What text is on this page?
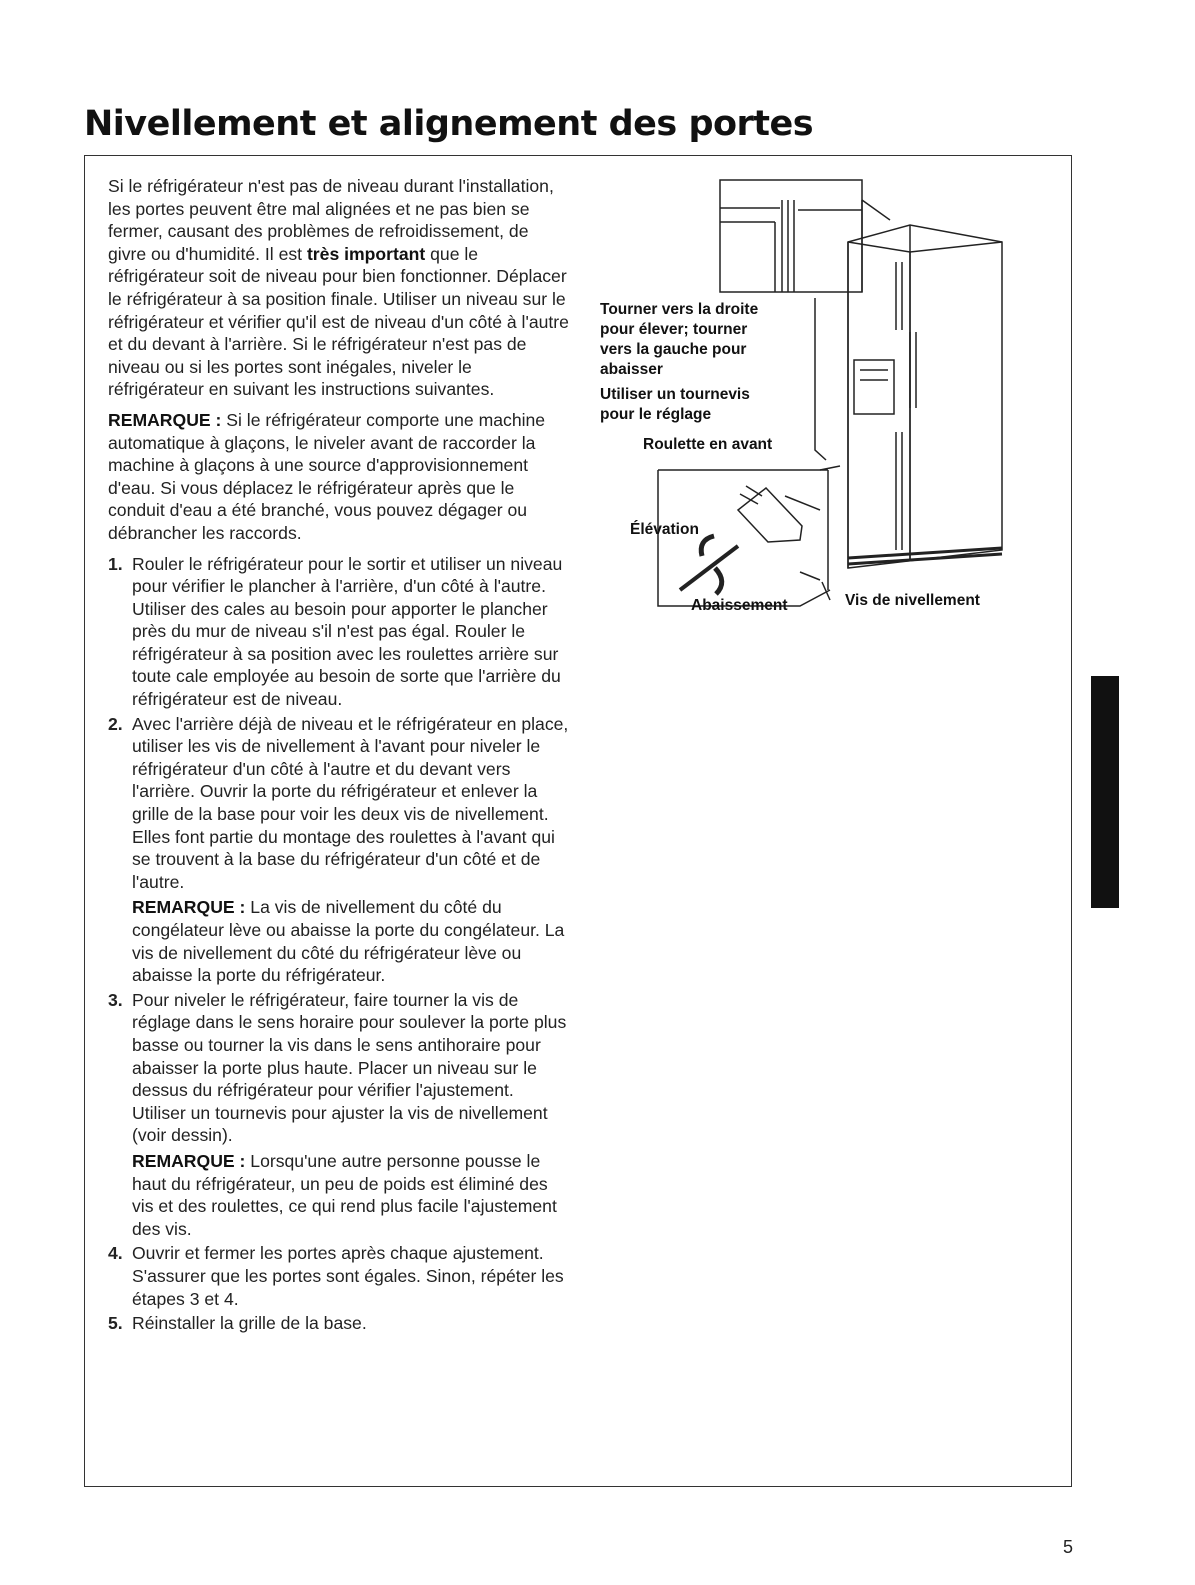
Nivellement et alignement des portes

Si le réfrigérateur n'est pas de niveau durant l'installation, les portes peuvent être mal alignées et ne pas bien se fermer, causant des problèmes de refroidissement, de givre ou d'humidité. Il est très important que le réfrigérateur soit de niveau pour bien fonctionner. Déplacer le réfrigérateur à sa position finale. Utiliser un niveau sur le réfrigérateur et vérifier qu'il est de niveau d'un côté à l'autre et du devant à l'arrière. Si le réfrigérateur n'est pas de niveau ou si les portes sont inégales, niveler le réfrigérateur en suivant les instructions suivantes.

REMARQUE : Si le réfrigérateur comporte une machine automatique à glaçons, le niveler avant de raccorder la machine à glaçons à une source d'approvisionnement d'eau. Si vous déplacez le réfrigérateur après que le conduit d'eau a été branché, vous pouvez dégager ou débrancher les raccords.

1. Rouler le réfrigérateur pour le sortir et utiliser un niveau pour vérifier le plancher à l'arrière, d'un côté à l'autre. Utiliser des cales au besoin pour apporter le plancher près du mur de niveau s'il n'est pas égal. Rouler le réfrigérateur à sa position avec les roulettes arrière sur toute cale employée au besoin de sorte que l'arrière du réfrigérateur est de niveau.

2. Avec l'arrière déjà de niveau et le réfrigérateur en place, utiliser les vis de nivellement à l'avant pour niveler le réfrigérateur d'un côté à l'autre et du devant vers l'arrière. Ouvrir la porte du réfrigérateur et enlever la grille de la base pour voir les deux vis de nivellement. Elles font partie du montage des roulettes à l'avant qui se trouvent à la base du réfrigérateur d'un côté et de l'autre.

REMARQUE : La vis de nivellement du côté du congélateur lève ou abaisse la porte du congélateur. La vis de nivellement du côté du réfrigérateur lève ou abaisse la porte du réfrigérateur.

3. Pour niveler le réfrigérateur, faire tourner la vis de réglage dans le sens horaire pour soulever la porte plus basse ou tourner la vis dans le sens antihoraire pour abaisser la porte plus haute. Placer un niveau sur le dessus du réfrigérateur pour vérifier l'ajustement. Utiliser un tournevis pour ajuster la vis de nivellement (voir dessin).

REMARQUE : Lorsqu'une autre personne pousse le haut du réfrigérateur, un peu de poids est éliminé des vis et des roulettes, ce qui rend plus facile l'ajustement des vis.

4. Ouvrir et fermer les portes après chaque ajustement. S'assurer que les portes sont égales. Sinon, répéter les étapes 3 et 4.

5. Réinstaller la grille de la base.

Tourner vers la droite
pour élever; tourner
vers la gauche pour
abaisser
Utiliser un tournevis
pour le réglage
Roulette en avant
Élévation
Abaissement	Vis de nivellement
5
